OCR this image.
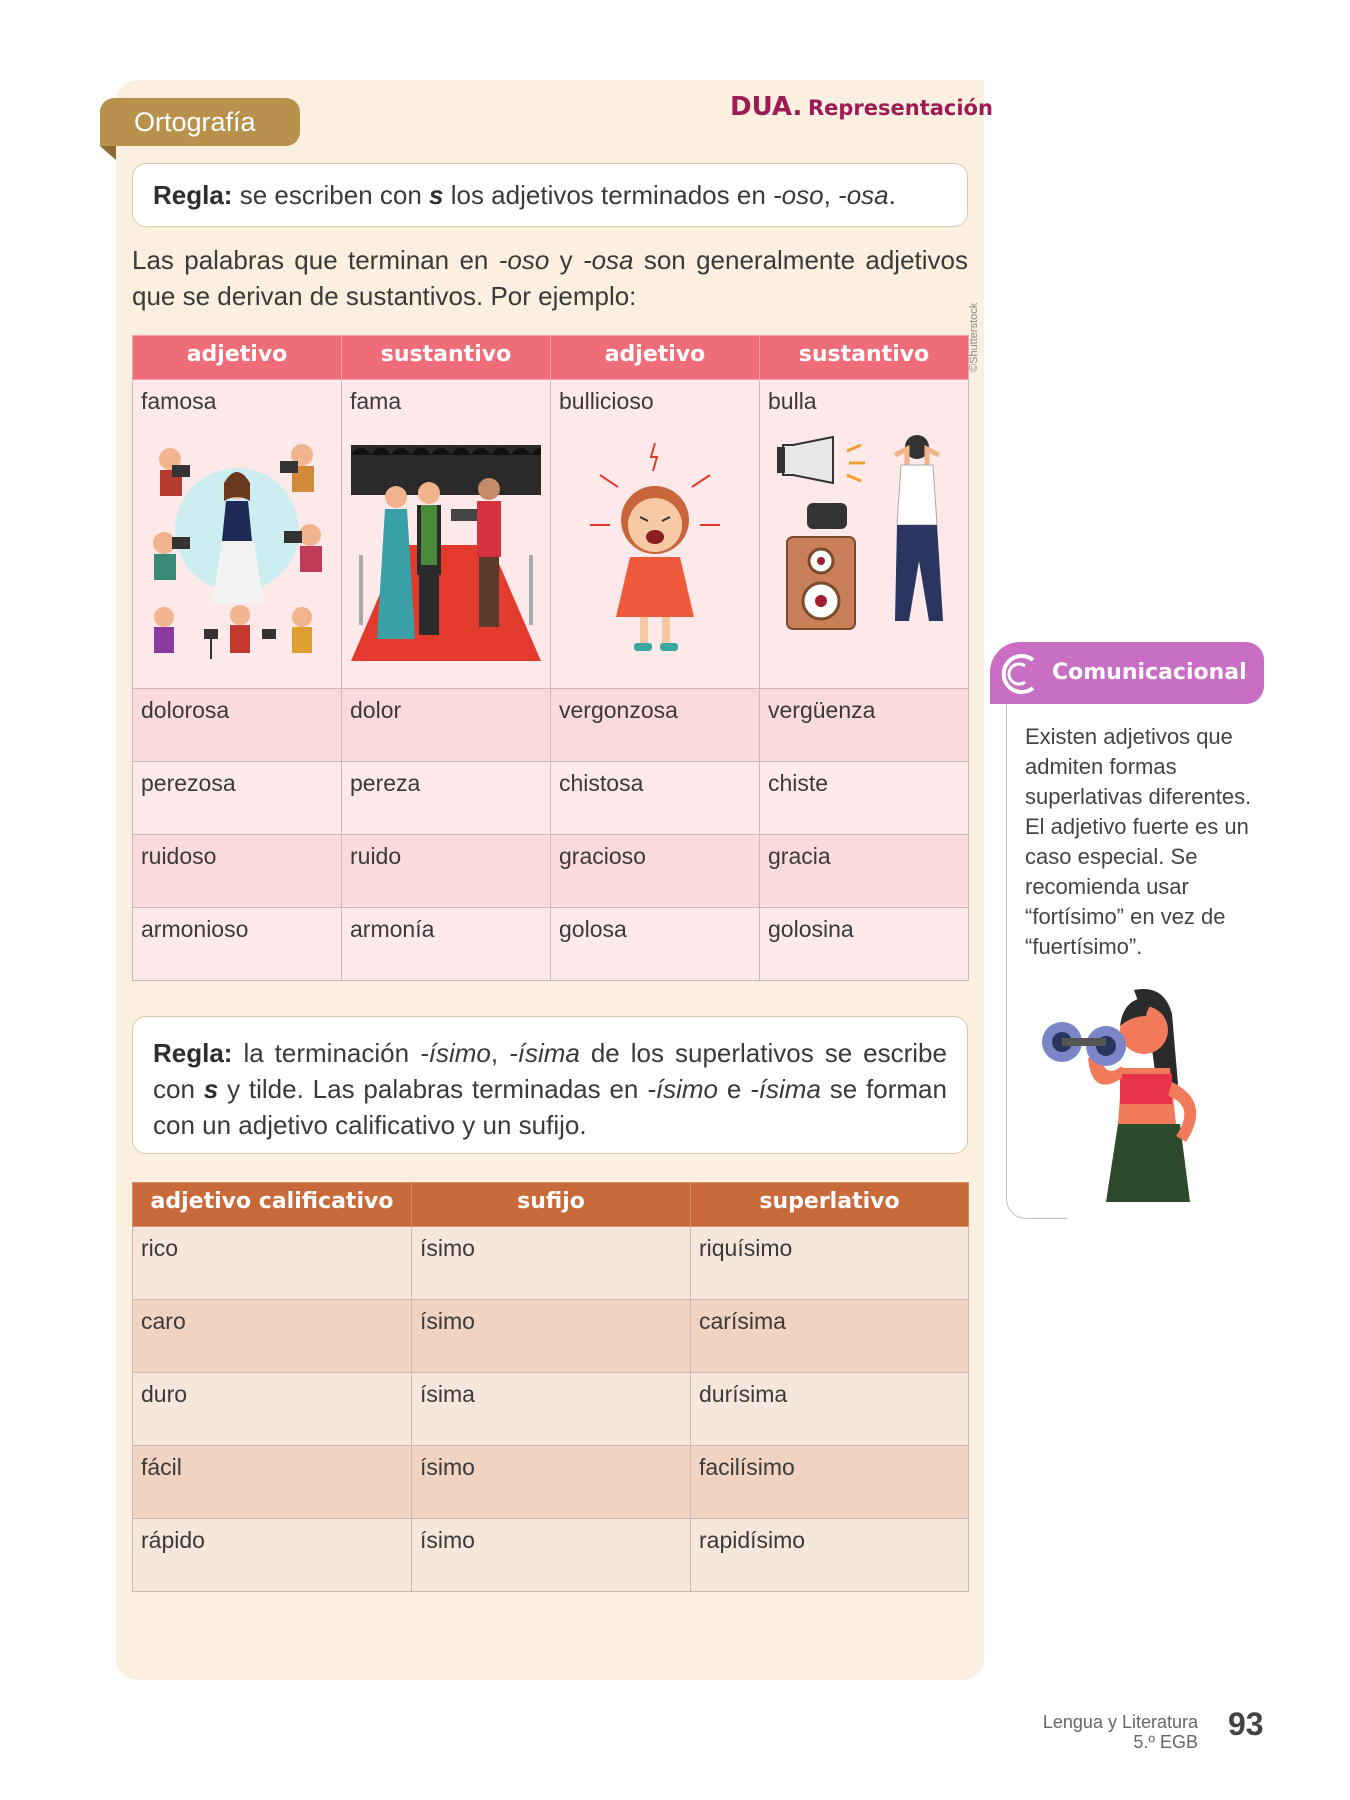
DUA. Representación
Ortografía
Regla: se escriben con s los adjetivos terminados en -oso, -osa.
Las palabras que terminan en -oso y -osa son generalmente adjetivos que se derivan de sustantivos. Por ejemplo:
©Shutterstock
adjetivo	sustantivo	adjetivo	sustantivo

famosa	fama	bullicioso	bulla

dolorosa	dolor	vergonzosa	vergüenza
perezosa	pereza	chistosa	chiste
ruidoso	ruido	gracioso	gracia
armonioso	armonía	golosa	golosina
Regla: la terminación -ísimo, -ísima de los superlativos se escribe con s y tilde. Las palabras terminadas en -ísimo e -ísima se forman con un adjetivo calificativo y un sufijo.
adjetivo calificativo	sufijo	superlativo
rico	ísimo	riquísimo
caro	ísimo	carísima
duro	ísima	durísima
fácil	ísimo	facilísimo
rápido	ísimo	rapidísimo
Comunicacional
Existen adjetivos que admiten formas superlativas diferentes. El adjetivo fuerte es un caso especial. Se recomienda usar “fortísimo” en vez de “fuertísimo”.
Lengua y Literatura
5.º EGB 93
